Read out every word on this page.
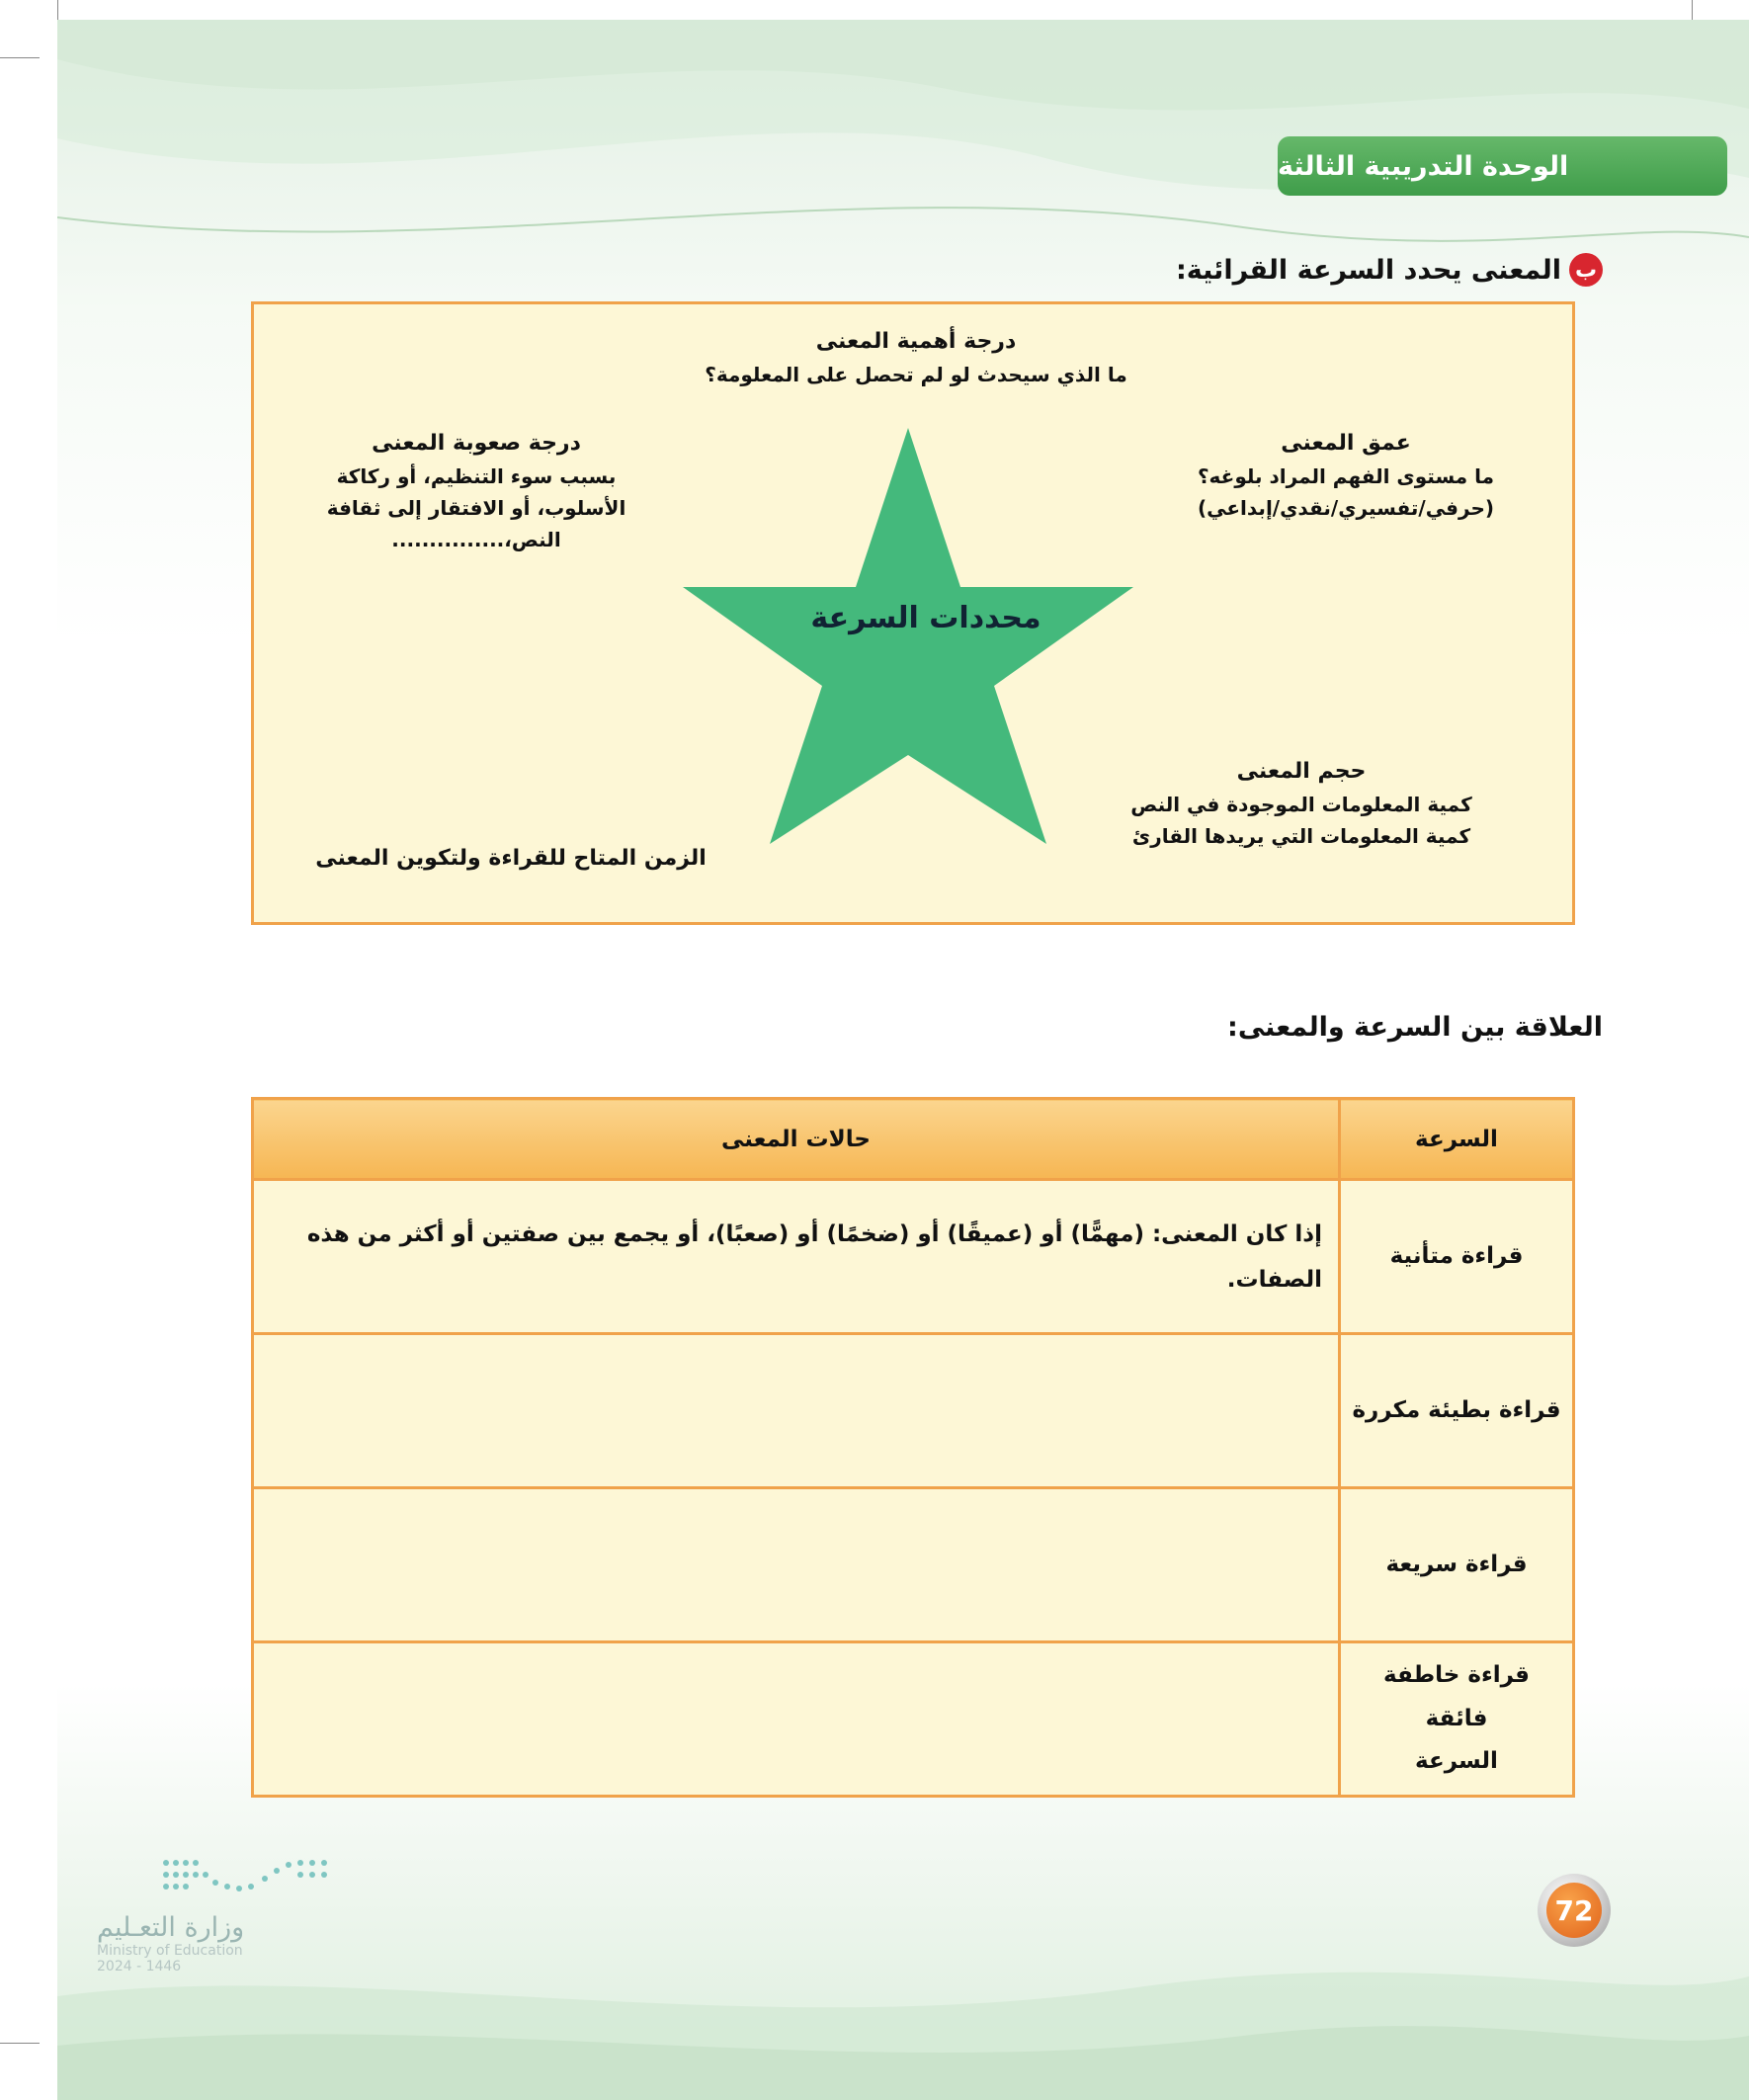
الوحدة التدريبية الثالثة
ب
المعنى يحدد السرعة القرائية:
محددات السرعة
درجة أهمية المعنى
ما الذي سيحدث لو لم تحصل على المعلومة؟
عمق المعنى
ما مستوى الفهم المراد بلوغه؟
(حرفي/تفسيري/نقدي/إبداعي)
درجة صعوبة المعنى
بسبب سوء التنظيم، أو ركاكة
الأسلوب، أو الافتقار إلى ثقافة
النص،...............
حجم المعنى
كمية المعلومات الموجودة في النص
كمية المعلومات التي يريدها القارئ
الزمن المتاح للقراءة ولتكوين المعنى
العلاقة بين السرعة والمعنى:
السرعة	حالات المعنى
قراءة متأنية	إذا كان المعنى: (مهمًّا) أو (عميقًا) أو (ضخمًا) أو (صعبًا)، أو يجمع بين صفتين أو أكثر من هذه الصفات.
قراءة بطيئة مكررة	
قراءة سريعة	
قراءة خاطفة فائقة السرعة	
72
وزارة التعـليم
Ministry of Education
2024 - 1446
